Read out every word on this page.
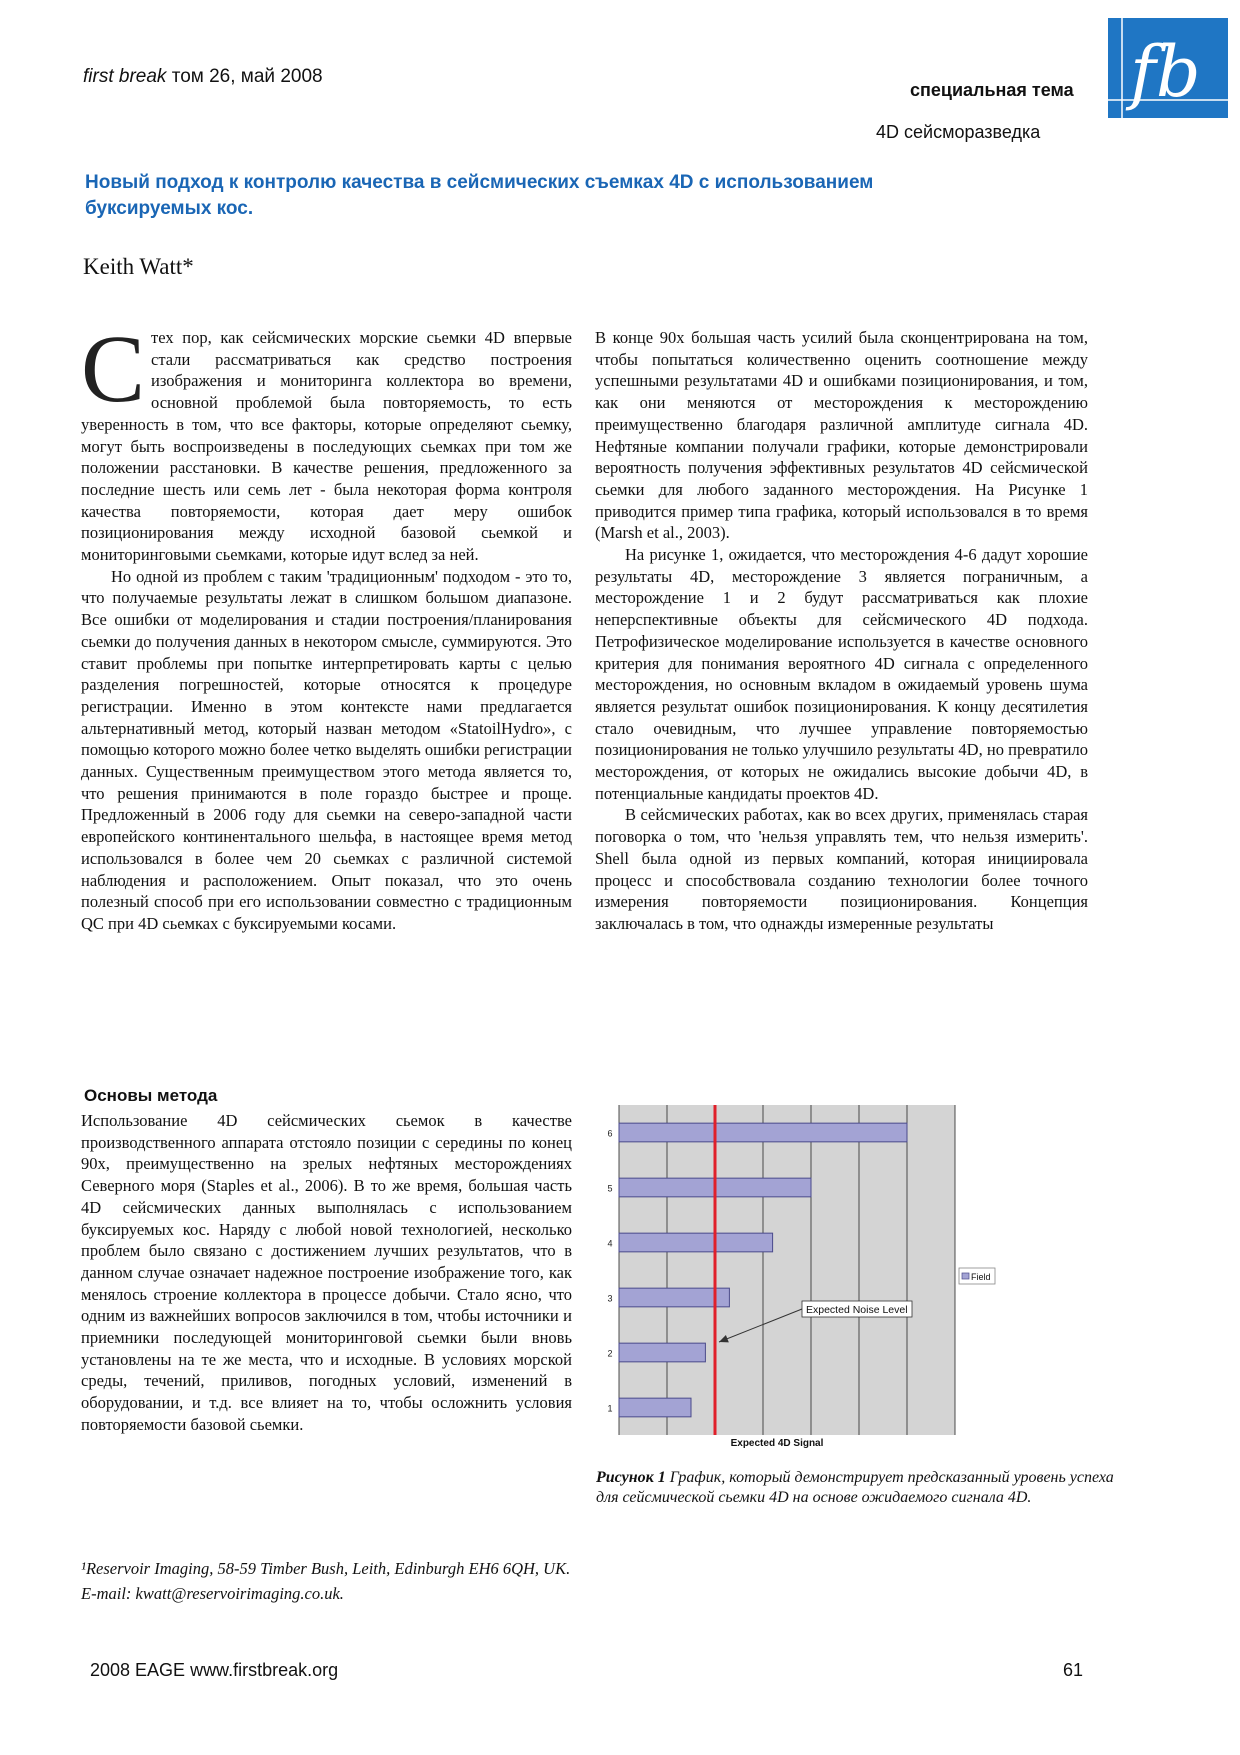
first break том 26, май 2008	fb
специальная тема
4D сейсморазведка
Новый подход к контролю качества в сейсмических съемках 4D с использованием буксируемых кос.
Keith Watt*

Стех пор, как сейсмических морские сьемки 4D впервые стали рассматриваться как средство построения изображения и мониторинга коллектора во времени, основной проблемой была повторяемость, то есть уверенность в том, что все факторы, которые определяют сьемку, могут быть воспроизведены в последующих сьемках при том же положении расстановки. В качестве решения, предложенного за последние шесть или семь лет - была некоторая форма контроля качества повторяемости, которая дает меру ошибок позиционирования между исходной базовой сьемкой и мониторинговыми сьемками, которые идут вслед за ней.

Но одной из проблем с таким 'традиционным' подходом - это то, что получаемые результаты лежат в слишком большом диапазоне. Все ошибки от моделирования и стадии построения/планирования сьемки до получения данных в некотором смысле, суммируются. Это ставит проблемы при попытке интерпретировать карты с целью разделения погрешностей, которые относятся к процедуре регистрации. Именно в этом контексте нами предлагается альтернативный метод, который назван методом «StatoilHydro», с помощью которого можно более четко выделять ошибки регистрации данных. Существенным преимуществом этого метода является то, что решения принимаются в поле гораздо быстрее и проще. Предложенный в 2006 году для сьемки на северо-западной части европейского континентального шельфа, в настоящее время метод использовался в более чем 20 сьемках с различной системой наблюдения и расположением. Опыт показал, что это очень полезный способ при его использовании совместно с традиционным QC при 4D сьемках с буксируемыми косами.

В конце 90х большая часть усилий была сконцентрирована на том, чтобы попытаться количественно оценить соотношение между успешными результатами 4D и ошибками позиционирования, и том, как они меняются от месторождения к месторождению преимущественно благодаря различной амплитуде сигнала 4D. Нефтяные компании получали графики, которые демонстрировали вероятность получения эффективных результатов 4D сейсмической сьемки для любого заданного месторождения. На Рисунке 1 приводится пример типа графика, который использовался в то время (Marsh et al., 2003).

На рисунке 1, ожидается, что месторождения 4-6 дадут хорошие результаты 4D, месторождение 3 является пограничным, а месторождение 1 и 2 будут рассматриваться как плохие неперспективные объекты для сейсмического 4D подхода. Петрофизическое моделирование используется в качестве основного критерия для понимания вероятного 4D сигнала с определенного месторождения, но основным вкладом в ожидаемый уровень шума является результат ошибок позиционирования. К концу десятилетия стало очевидным, что лучшее управление повторяемостью позиционирования не только улучшило результаты 4D, но превратило месторождения, от которых не ожидались высокие добычи 4D, в потенциальные кандидаты проектов 4D.

В сейсмических работах, как во всех других, применялась старая поговорка о том, что 'нельзя управлять тем, что нельзя измерить'. Shell была одной из первых компаний, которая инициировала процесс и способствовала созданию технологии более точного измерения повторяемости позиционирования. Концепция заключалась в том, что однажды измеренные результаты

Основы метода

Использование 4D сейсмических сьемок в качестве производственного аппарата отстояло позиции с середины по конец 90х, преимущественно на зрелых нефтяных месторождениях Северного моря (Staples et al., 2006). В то же время, большая часть 4D сейсмических данных выполнялась с использованием буксируемых кос. Наряду с любой новой технологией, несколько проблем было связано с достижением лучших результатов, что в данном случае означает надежное построение изображение того, как менялось строение коллектора в процессе добычи. Стало ясно, что одним из важнейших вопросов заключился в том, чтобы источники и приемники последующей мониторинговой сьемки были вновь установлены на те же места, что и исходные. В условиях морской среды, течений, приливов, погодных условий, изменений в оборудовании, и т.д. все влияет на то, чтобы осложнить условия повторяемости базовой сьемки.

1
2
3
4
5
6
Expected Noise Level
Expected 4D Signal
Field
Рисунок 1 График, который демонстрирует предсказанный уровень успеха для сейсмической сьемки 4D на основе ожидаемого сигнала 4D.
¹Reservoir Imaging, 58-59 Timber Bush, Leith, Edinburgh EH6 6QH, UK.
E-mail: kwatt@reservoirimaging.co.uk.
2008 EAGE www.firstbreak.org	61
